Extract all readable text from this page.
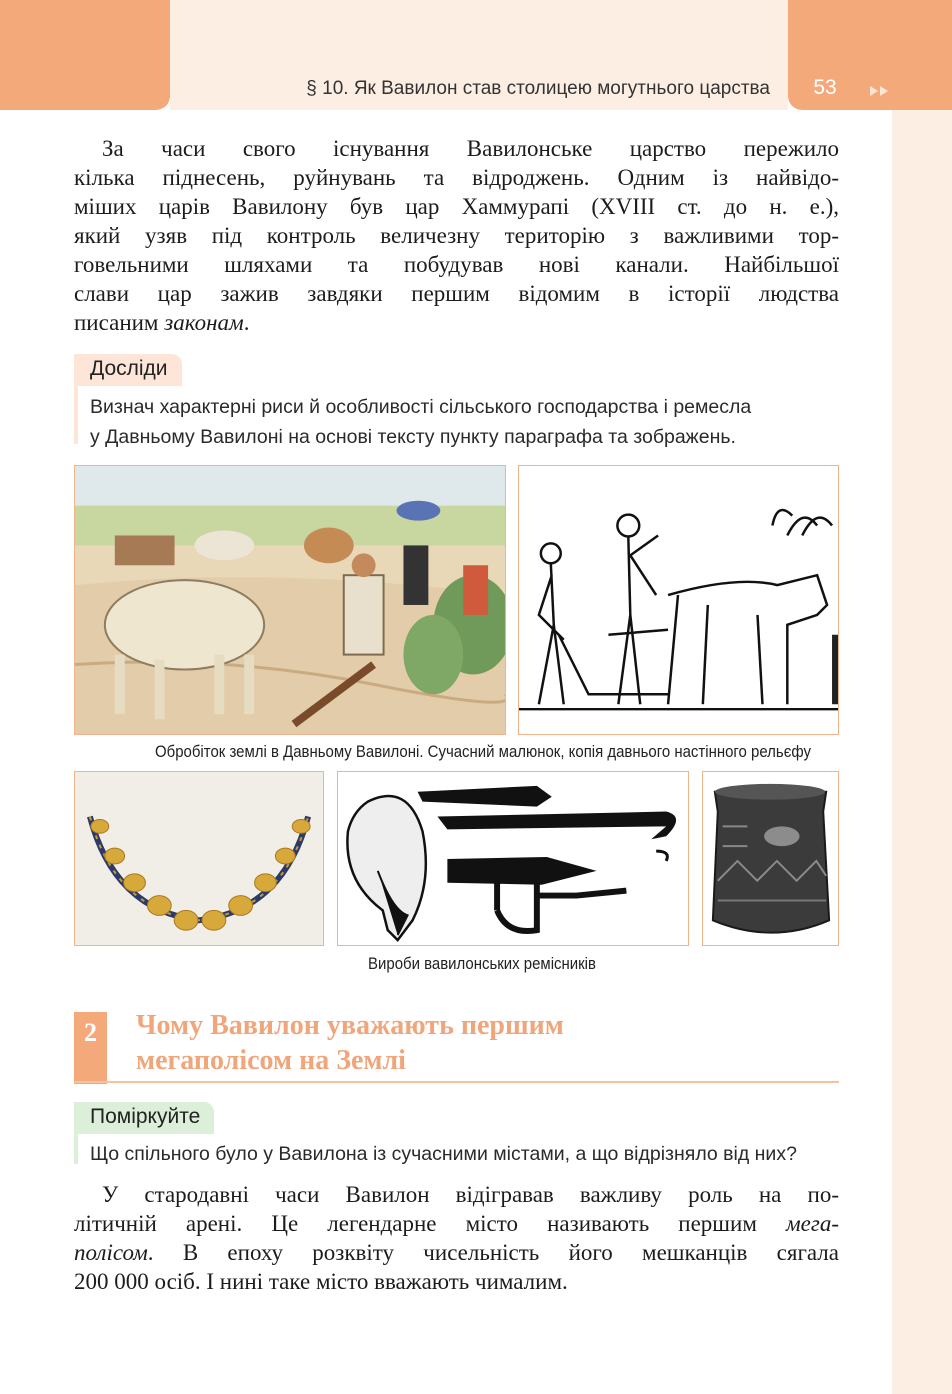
§ 10. Як Вавилон став столицею могутнього царства	53
За часи свого існування Вавилонське царство пережило
кілька піднесень, руйнувань та відроджень. Одним із найвідо-
міших царів Вавилону був цар Хаммурапі (XVIII ст. до н. е.),
який узяв під контроль величезну територію з важливими тор-
говельними шляхами та побудував нові канали. Найбільшої
слави цар зажив завдяки першим відомим в історії людства
писаним законам.
Досліди
Визнач характерні риси й особливості сільського господарства і ремесла
у Давньому Вавилоні на основі тексту пункту параграфа та зображень.
Обробіток землі в Давньому Вавилоні. Сучасний малюнок, копія давнього настінного рельєфу
Вироби вавилонських ремісників
2	Чому Вавилон уважають першим
мегаполісом на Землі
Поміркуйте
Що спільного було у Вавилона із сучасними містами, а що відрізняло від них?
У стародавні часи Вавилон відігравав важливу роль на по-
літичній арені. Це легендарне місто називають першим мега-
полісом. В епоху розквіту чисельність його мешканців сягала
200 000 осіб. І нині таке місто вважають чималим.
